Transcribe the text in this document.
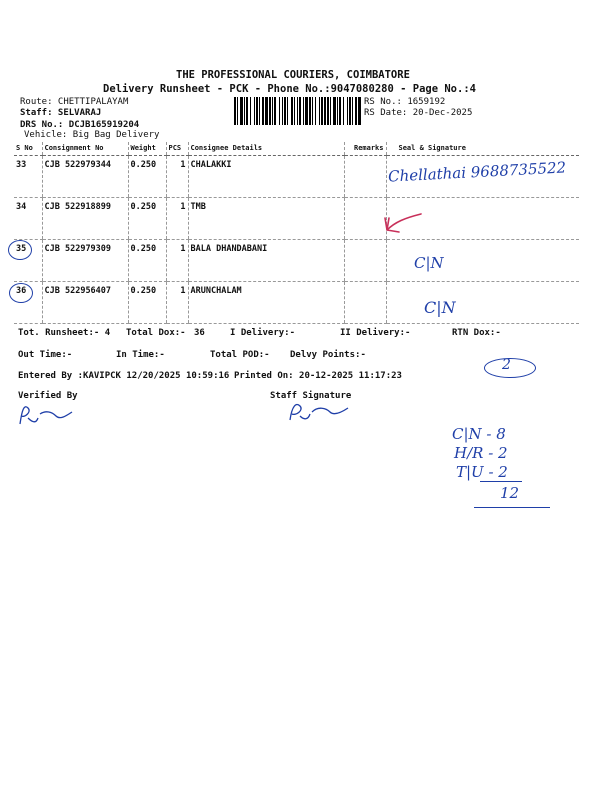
THE PROFESSIONAL COURIERS, COIMBATORE
Delivery Runsheet - PCK - Phone No.:9047080280 - Page No.:4
Route: CHETTIPALAYAM
Staff: SELVARAJ
DRS No.: DCJB165919204
Vehicle: Big Bag Delivery
RS No.: 1659192
RS Date: 20-Dec-2025
S No	Consignment No	Weight	PCS	Consignee Details	Remarks	Seal & Signature
33	CJB 522979344	0.250	1	CHALAKKI		
34	CJB 522918899	0.250	1	TMB		
35	CJB 522979309	0.250	1	BALA DHANDABANI		
36	CJB 522956407	0.250	1	ARUNCHALAM		
Tot. Runsheet:- 4 Total Dox:- 36	I Delivery:-	II Delivery:-	RTN Dox:-
Out Time:-	In Time:-	Total POD:- Delvy Points:-
Entered By :KAVIPCK 12/20/2025 10:59:16 Printed On: 20-12-2025 11:17:23
Verified By	Staff Signature
Chellathai 9688735522
C|N
C|N
2
C|N - 8
H/R - 2
T|U - 2
12
